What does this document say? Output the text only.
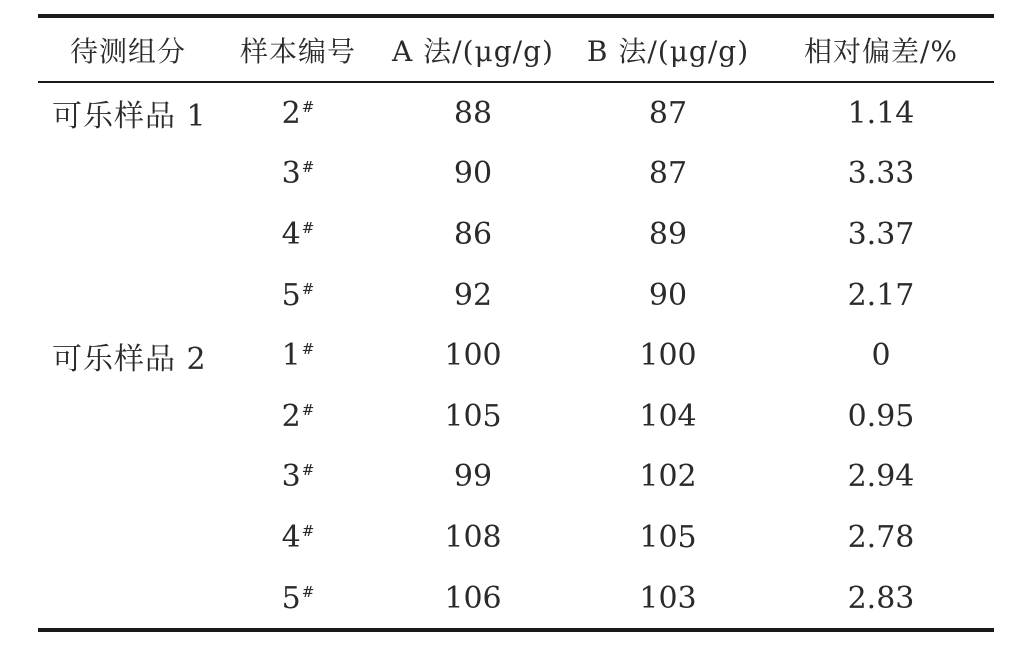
待测组分	样本编号	A 法/(μg/g)	B 法/(μg/g)	相对偏差/%
可乐样品 1	2#	88	87	1.14
	3#	90	87	3.33
	4#	86	89	3.37
	5#	92	90	2.17
可乐样品 2	1#	100	100	0
	2#	105	104	0.95
	3#	99	102	2.94
	4#	108	105	2.78
	5#	106	103	2.83
